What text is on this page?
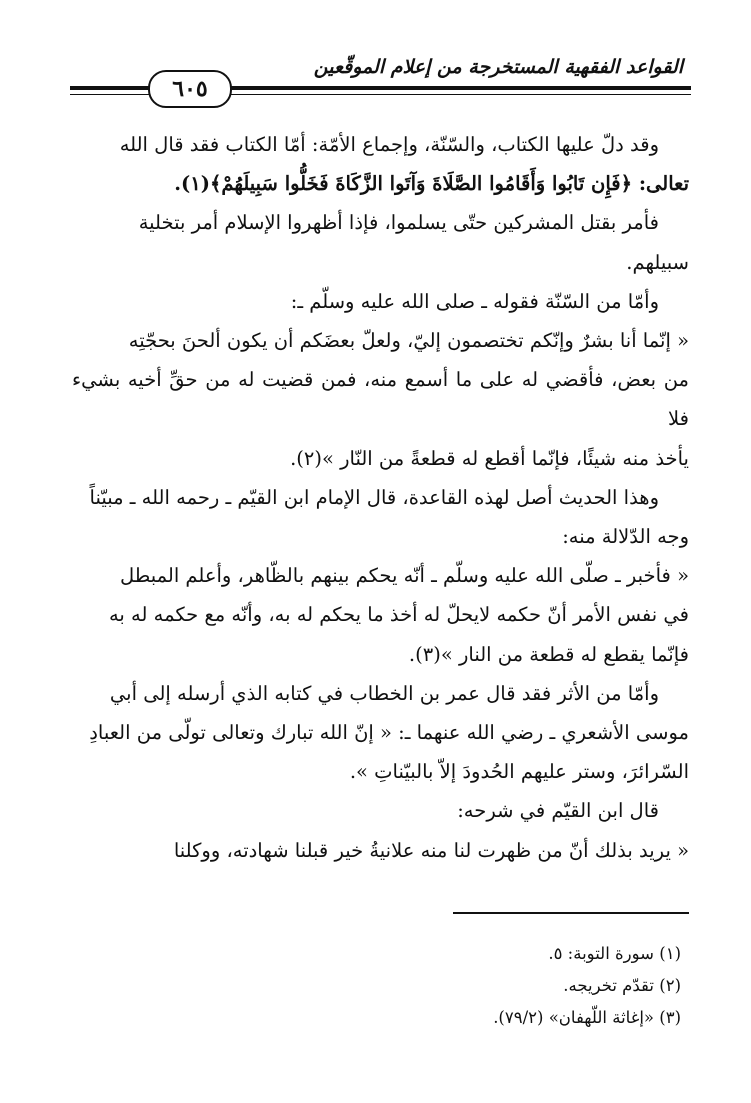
القواعد الفقهية المستخرجة من إعلام الموقّعين
٦٠٥

وقد دلّ عليها الكتاب، والسّنّة، وإجماع الأمّة: أمّا الكتاب فقد قال الله

تعالى: ﴿فَإِن تَابُوا وَأَقَامُوا الصَّلَاةَ وَآتَوا الزَّكَاةَ فَخَلُّوا سَبِيلَهُمْ﴾(١).

فأمر بقتل المشركين حتّى يسلموا، فإذا أظهروا الإسلام أمر بتخلية

سبيلهم.

وأمّا من السّنّة فقوله ـ صلى الله عليه وسلّم ـ:

« إنّما أنا بشرٌ وإنّكم تختصمون إليّ، ولعلّ بعضَكم أن يكون ألحنَ بحجّتِه

من بعض، فأقضي له على ما أسمع منه، فمن قضيت له من حقِّ أخيه بشيء فلا

يأخذ منه شيئًا، فإنّما أقطع له قطعةً من النّار »(٢).

وهذا الحديث أصل لهذه القاعدة، قال الإمام ابن القيّم ـ رحمه الله ـ مبيّناً

وجه الدّلالة منه:

« فأخبر ـ صلّى الله عليه وسلّم ـ أنّه يحكم بينهم بالظّاهر، وأعلم المبطل

في نفس الأمر أنّ حكمه لايحلّ له أخذ ما يحكم له به، وأنّه مع حكمه له به

فإنّما يقطع له قطعة من النار »(٣).

وأمّا من الأثر فقد قال عمر بن الخطاب في كتابه الذي أرسله إلى أبي

موسى الأشعري ـ رضي الله عنهما ـ: « إنّ الله تبارك وتعالى تولّى من العبادِ

السّرائرَ، وستر عليهم الحُدودَ إلاّ بالبيّناتِ ».

قال ابن القيّم في شرحه:

« يريد بذلك أنّ من ظهرت لنا منه علانيةُ خير قبلنا شهادته، ووكلنا

(١) سورة التوبة: ٥.

(٢) تقدّم تخريجه.

(٣) «إغاثة اللّهفان» (٧٩/٢).
